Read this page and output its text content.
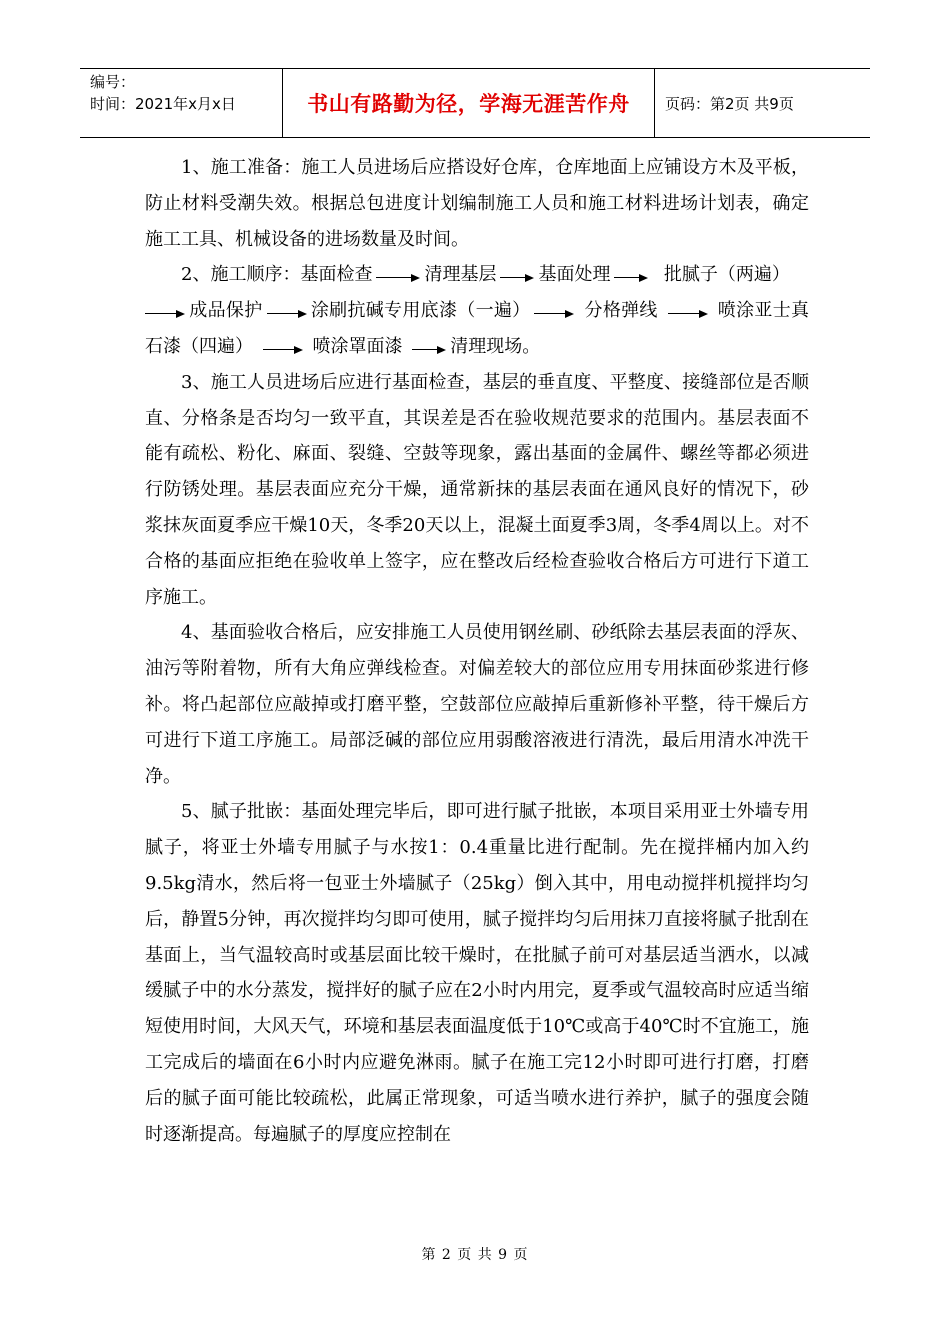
编号：
时间：2021年x月x日	书山有路勤为径，学海无涯苦作舟	页码：第2页 共9页

1、施工准备：施工人员进场后应搭设好仓库，仓库地面上应铺设方木及平板，防止材料受潮失效。根据总包进度计划编制施工人员和施工材料进场计划表，确定施工工具、机械设备的进场数量及时间。

2、施工顺序：基面检查	清理基层 基面处理	批腻子（两遍）

成品保护	涂刷抗碱专用底漆（一遍）	分格弹线	喷涂亚士真石漆（四遍）	喷涂罩面漆	清理现场。

3、施工人员进场后应进行基面检查，基层的垂直度、平整度、接缝部位是否顺直、分格条是否均匀一致平直，其误差是否在验收规范要求的范围内。基层表面不能有疏松、粉化、麻面、裂缝、空鼓等现象，露出基面的金属件、螺丝等都必须进行防锈处理。基层表面应充分干燥，通常新抹的基层表面在通风良好的情况下，砂浆抹灰面夏季应干燥10天，冬季20天以上，混凝土面夏季3周，冬季4周以上。对不合格的基面应拒绝在验收单上签字，应在整改后经检查验收合格后方可进行下道工序施工。

4、基面验收合格后，应安排施工人员使用钢丝刷、砂纸除去基层表面的浮灰、油污等附着物，所有大角应弹线检查。对偏差较大的部位应用专用抹面砂浆进行修补。将凸起部位应敲掉或打磨平整，空鼓部位应敲掉后重新修补平整，待干燥后方可进行下道工序施工。局部泛碱的部位应用弱酸溶液进行清洗，最后用清水冲洗干净。

5、腻子批嵌：基面处理完毕后，即可进行腻子批嵌，本项目采用亚士外墙专用腻子，将亚士外墙专用腻子与水按1：0.4重量比进行配制。先在搅拌桶内加入约9.5kg清水，然后将一包亚士外墙腻子（25kg）倒入其中，用电动搅拌机搅拌均匀后，静置5分钟，再次搅拌均匀即可使用，腻子搅拌均匀后用抹刀直接将腻子批刮在基面上，当气温较高时或基层面比较干燥时，在批腻子前可对基层适当洒水，以减缓腻子中的水分蒸发，搅拌好的腻子应在2小时内用完，夏季或气温较高时应适当缩短使用时间，大风天气，环境和基层表面温度低于10℃或高于40℃时不宜施工，施工完成后的墙面在6小时内应避免淋雨。腻子在施工完12小时即可进行打磨，打磨后的腻子面可能比较疏松，此属正常现象，可适当喷水进行养护，腻子的强度会随时逐渐提高。每遍腻子的厚度应控制在

第 2 页 共 9 页
